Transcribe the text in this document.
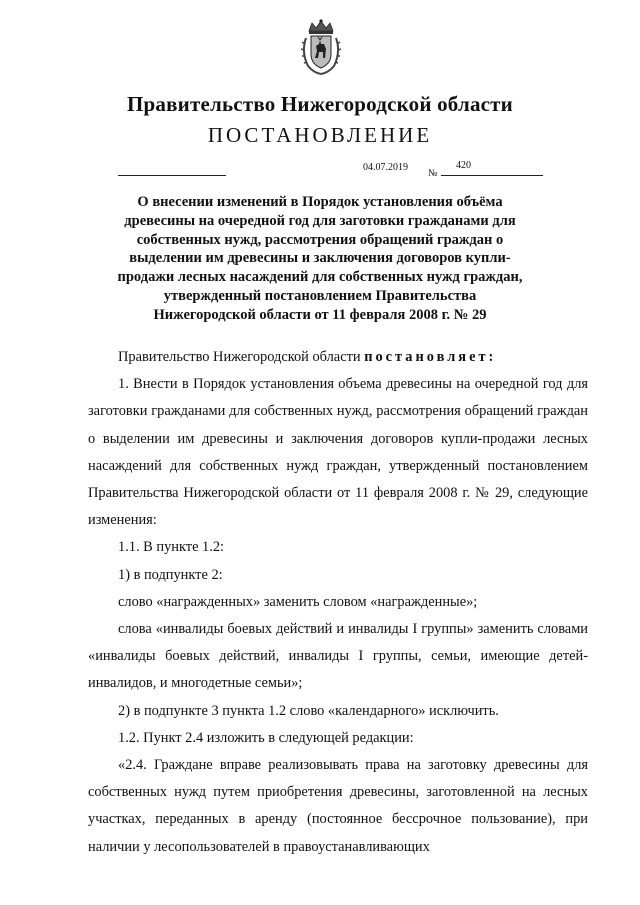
Правительство Нижегородской области
ПОСТАНОВЛЕНИЕ
04.07.2019
№
420
О внесении изменений в Порядок установления объёма
древесины на очередной год для заготовки гражданами для
собственных нужд, рассмотрения обращений граждан о
выделении им древесины и заключения договоров купли-
продажи лесных насаждений для собственных нужд граждан,
утвержденный постановлением Правительства
Нижегородской области от 11 февраля 2008 г. № 29

Правительство Нижегородской области постановляет:

1. Внести в Порядок установления объема древесины на очередной год для заготовки гражданами для собственных нужд, рассмотрения обращений граждан о выделении им древесины и заключения договоров купли-продажи лесных насаждений для собственных нужд граждан, утвержденный постановлением Правительства Нижегородской области от 11 февраля 2008 г. № 29, следующие изменения:

1.1. В пункте 1.2:

1) в подпункте 2:

слово «награжденных» заменить словом «награжденные»;

слова «инвалиды боевых действий и инвалиды I группы» заменить словами «инвалиды боевых действий, инвалиды I группы, семьи, имеющие детей-инвалидов, и многодетные семьи»;

2) в подпункте 3 пункта 1.2 слово «календарного» исключить.

1.2. Пункт 2.4 изложить в следующей редакции:

«2.4. Граждане вправе реализовывать права на заготовку древесины для собственных нужд путем приобретения древесины, заготовленной на лесных участках, переданных в аренду (постоянное бессрочное пользование), при наличии у лесопользователей в правоустанавливающих
